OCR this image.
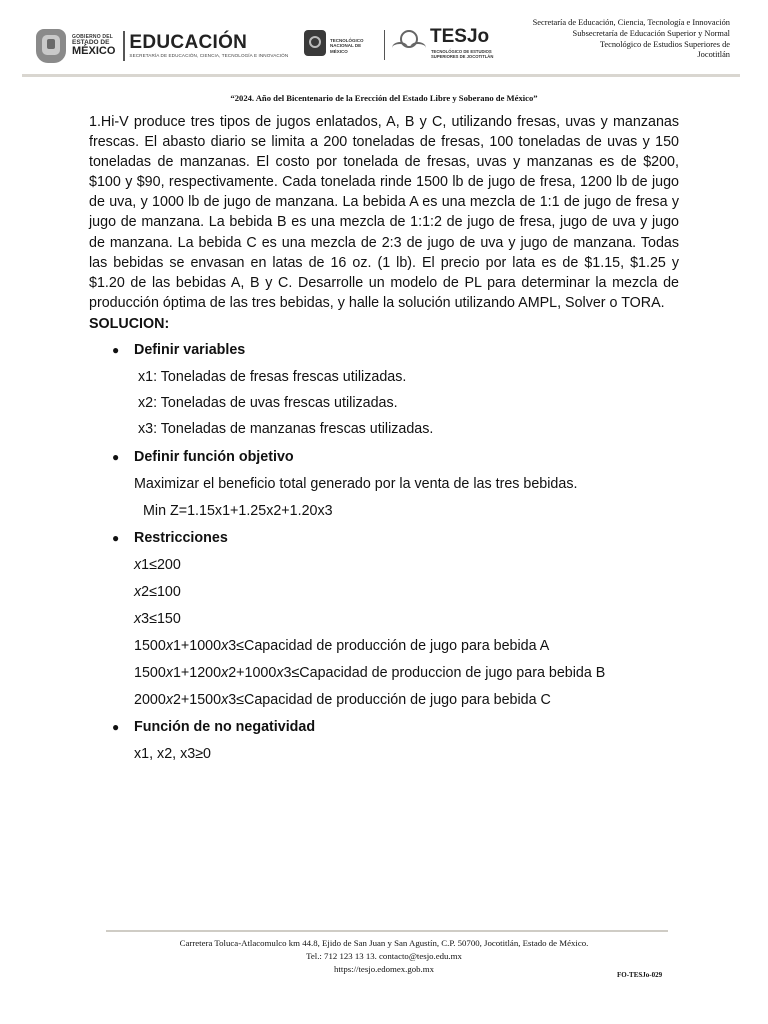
GOBIERNO DEL
ESTADO DE
MÉXICO EDUCACIÓN
SECRETARÍA DE EDUCACIÓN, CIENCIA, TECNOLOGÍA E INNOVACIÓN
TECNOLÓGICO NACIONAL DE MÉXICO
TESJo
TECNOLÓGICO DE ESTUDIOS SUPERIORES DE JOCOTITLÁN
Secretaría de Educación, Ciencia, Tecnología e Innovación
Subsecretaría de Educación Superior y Normal
Tecnológico de Estudios Superiores de
Jocotitlán
“2024. Año del Bicentenario de la Erección del Estado Libre y Soberano de México”

1.Hi-V produce tres tipos de jugos enlatados, A, B y C, utilizando fresas, uvas y manzanas frescas. El abasto diario se limita a 200 toneladas de fresas, 100 toneladas de uvas y 150 toneladas de manzanas. El costo por tonelada de fresas, uvas y manzanas es de $200, $100 y $90, respectivamente. Cada tonelada rinde 1500 lb de jugo de fresa, 1200 lb de jugo de uva, y 1000 lb de jugo de manzana. La bebida A es una mezcla de 1:1 de jugo de fresa y jugo de manzana. La bebida B es una mezcla de 1:1:2 de jugo de fresa, jugo de uva y jugo de manzana. La bebida C es una mezcla de 2:3 de jugo de uva y jugo de manzana. Todas las bebidas se envasan en latas de 16 oz. (1 lb). El precio por lata es de $1.15, $1.25 y $1.20 de las bebidas A, B y C. Desarrolle un modelo de PL para determinar la mezcla de producción óptima de las tres bebidas, y halle la solución utilizando AMPL, Solver o TORA.

SOLUCION:
● Definir variables
x1: Toneladas de fresas frescas utilizadas.
x2: Toneladas de uvas frescas utilizadas.
x3: Toneladas de manzanas frescas utilizadas.
● Definir función objetivo
Maximizar el beneficio total generado por la venta de las tres bebidas.
Min Z=1.15x1+1.25x2+1.20x3
● Restricciones
x1≤200
x2≤100
x3≤150
1500x1+1000x3≤Capacidad de producción de jugo para bebida A
1500x1+1200x2+1000x3≤Capacidad de produccion de jugo para bebida B
2000x2+1500x3≤Capacidad de producción de jugo para bebida C
● Función de no negatividad
x1, x2, x3≥0
Carretera Toluca-Atlacomulco km 44.8, Ejido de San Juan y San Agustín, C.P. 50700, Jocotitlán, Estado de México.
Tel.: 712 123 13 13. contacto@tesjo.edu.mx
https://tesjo.edomex.gob.mx
FO-TESJo-029
